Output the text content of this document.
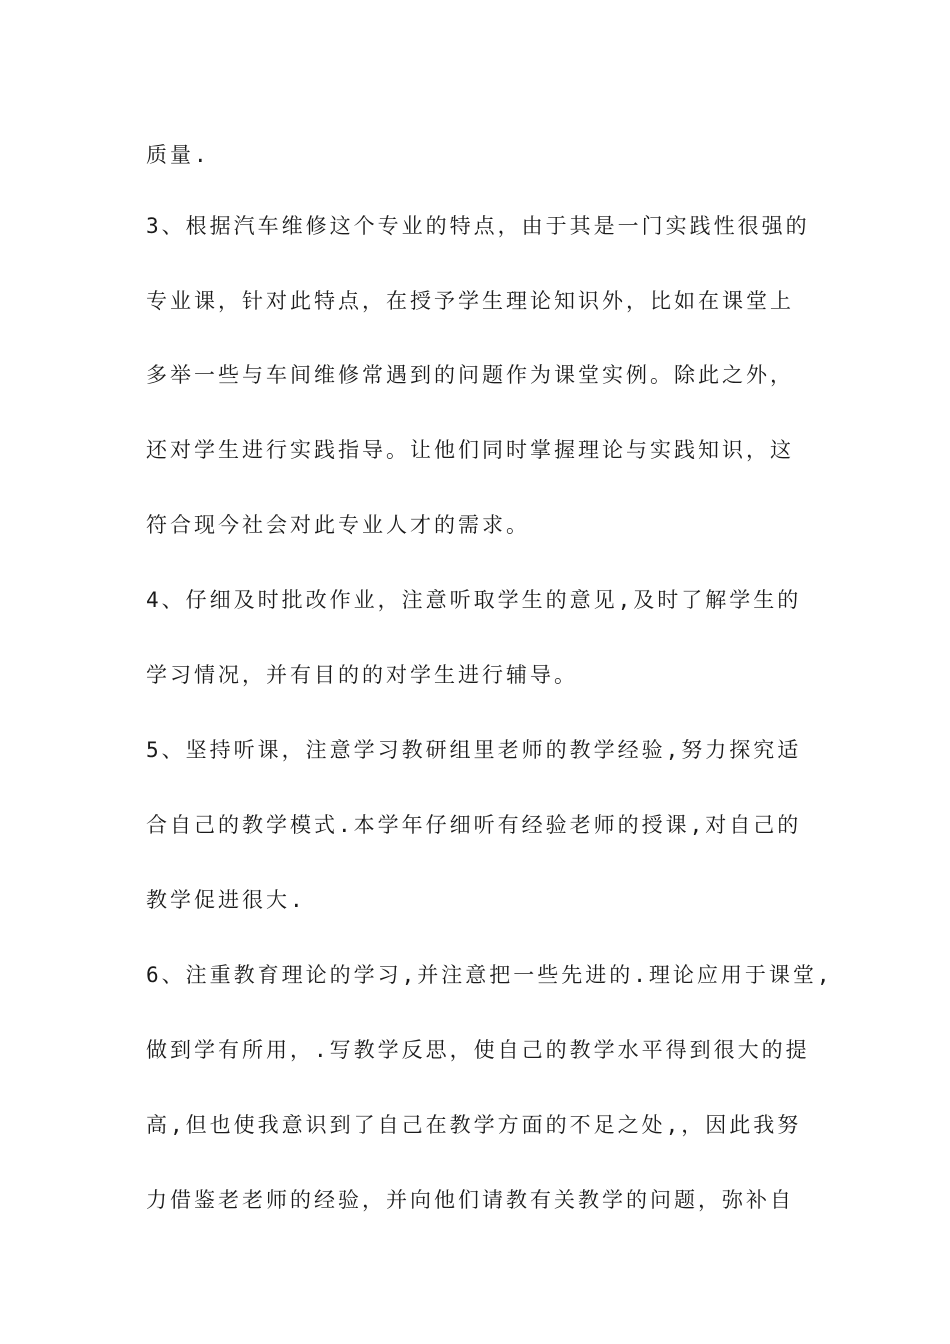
质量.
3、根据汽车维修这个专业的特点，由于其是一门实践性很强的
专业课，针对此特点，在授予学生理论知识外，比如在课堂上
多举一些与车间维修常遇到的问题作为课堂实例。除此之外，
还对学生进行实践指导。让他们同时掌握理论与实践知识，这
符合现今社会对此专业人才的需求。
4、仔细及时批改作业，注意听取学生的意见,及时了解学生的
学习情况，并有目的的对学生进行辅导。
5、坚持听课，注意学习教研组里老师的教学经验,努力探究适
合自己的教学模式.本学年仔细听有经验老师的授课,对自己的
教学促进很大.
6、注重教育理论的学习,并注意把一些先进的.理论应用于课堂,
做到学有所用，.写教学反思，使自己的教学水平得到很大的提
高,但也使我意识到了自己在教学方面的不足之处,，因此我努
力借鉴老老师的经验，并向他们请教有关教学的问题，弥补自
